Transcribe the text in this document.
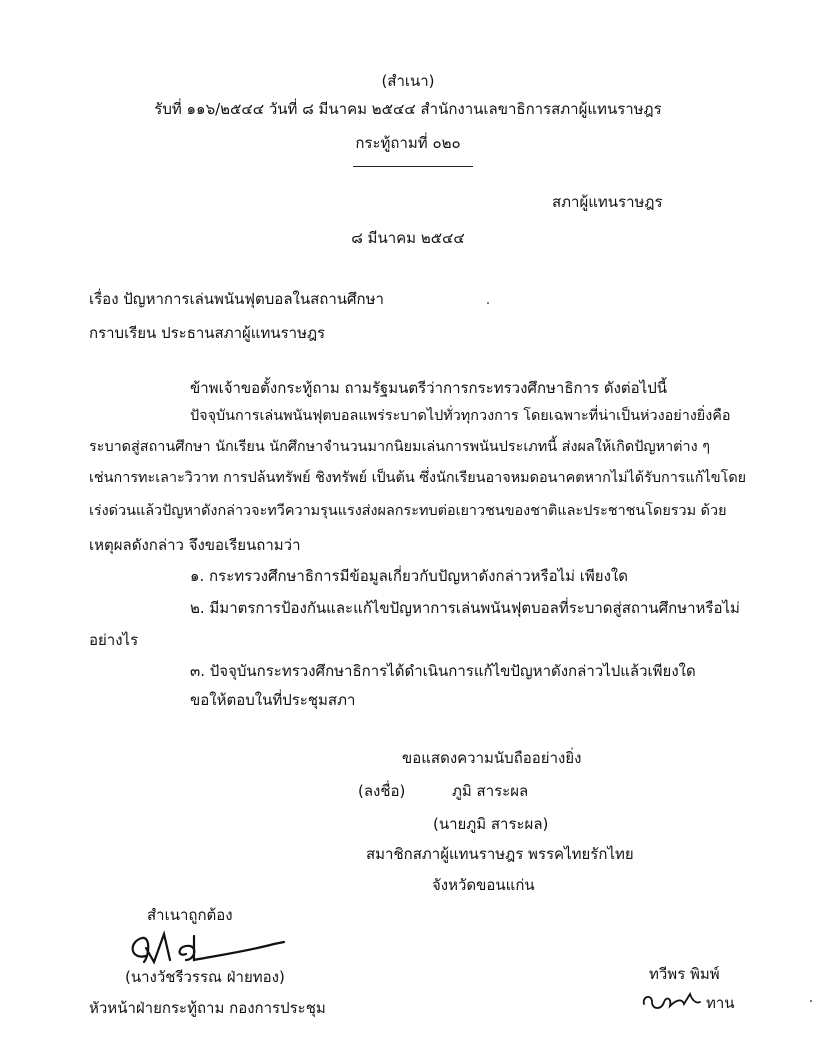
(สำเนา)
รับที่ ๑๑๖/๒๕๔๔ วันที่ ๘ มีนาคม ๒๕๔๔ สำนักงานเลขาธิการสภาผู้แทนราษฎร
กระทู้ถามที่ ๐๒๐
สภาผู้แทนราษฎร
๘ มีนาคม ๒๕๔๔
เรื่อง ปัญหาการเล่นพนันฟุตบอลในสถานศึกษา
กราบเรียน ประธานสภาผู้แทนราษฎร
ข้าพเจ้าขอตั้งกระทู้ถาม ถามรัฐมนตรีว่าการกระทรวงศึกษาธิการ ดังต่อไปนี้
ปัจจุบันการเล่นพนันฟุตบอลแพร่ระบาดไปทั่วทุกวงการ โดยเฉพาะที่น่าเป็นห่วงอย่างยิ่งคือ
ระบาดสู่สถานศึกษา นักเรียน นักศึกษาจำนวนมากนิยมเล่นการพนันประเภทนี้ ส่งผลให้เกิดปัญหาต่าง ๆ
เช่นการทะเลาะวิวาท การปล้นทรัพย์ ชิงทรัพย์ เป็นต้น ซึ่งนักเรียนอาจหมดอนาคตหากไม่ได้รับการแก้ไขโดย
เร่งด่วนแล้วปัญหาดังกล่าวจะทวีความรุนแรงส่งผลกระทบต่อเยาวชนของชาติและประชาชนโดยรวม ด้วย
เหตุผลดังกล่าว จึงขอเรียนถามว่า
๑. กระทรวงศึกษาธิการมีข้อมูลเกี่ยวกับปัญหาดังกล่าวหรือไม่ เพียงใด
๒. มีมาตรการป้องกันและแก้ไขปัญหาการเล่นพนันฟุตบอลที่ระบาดสู่สถานศึกษาหรือไม่
อย่างไร
๓. ปัจจุบันกระทรวงศึกษาธิการได้ดำเนินการแก้ไขปัญหาดังกล่าวไปแล้วเพียงใด
ขอให้ตอบในที่ประชุมสภา
ขอแสดงความนับถืออย่างยิ่ง
(ลงชื่อ)	ภูมิ สาระผล
(นายภูมิ สาระผล)
สมาชิกสภาผู้แทนราษฎร พรรคไทยรักไทย
จังหวัดขอนแก่น
สำเนาถูกต้อง
(นางวัชรีวรรณ ฝ่ายทอง)
หัวหน้าฝ่ายกระทู้ถาม กองการประชุม
ทวีพร พิมพ์
ทาน
